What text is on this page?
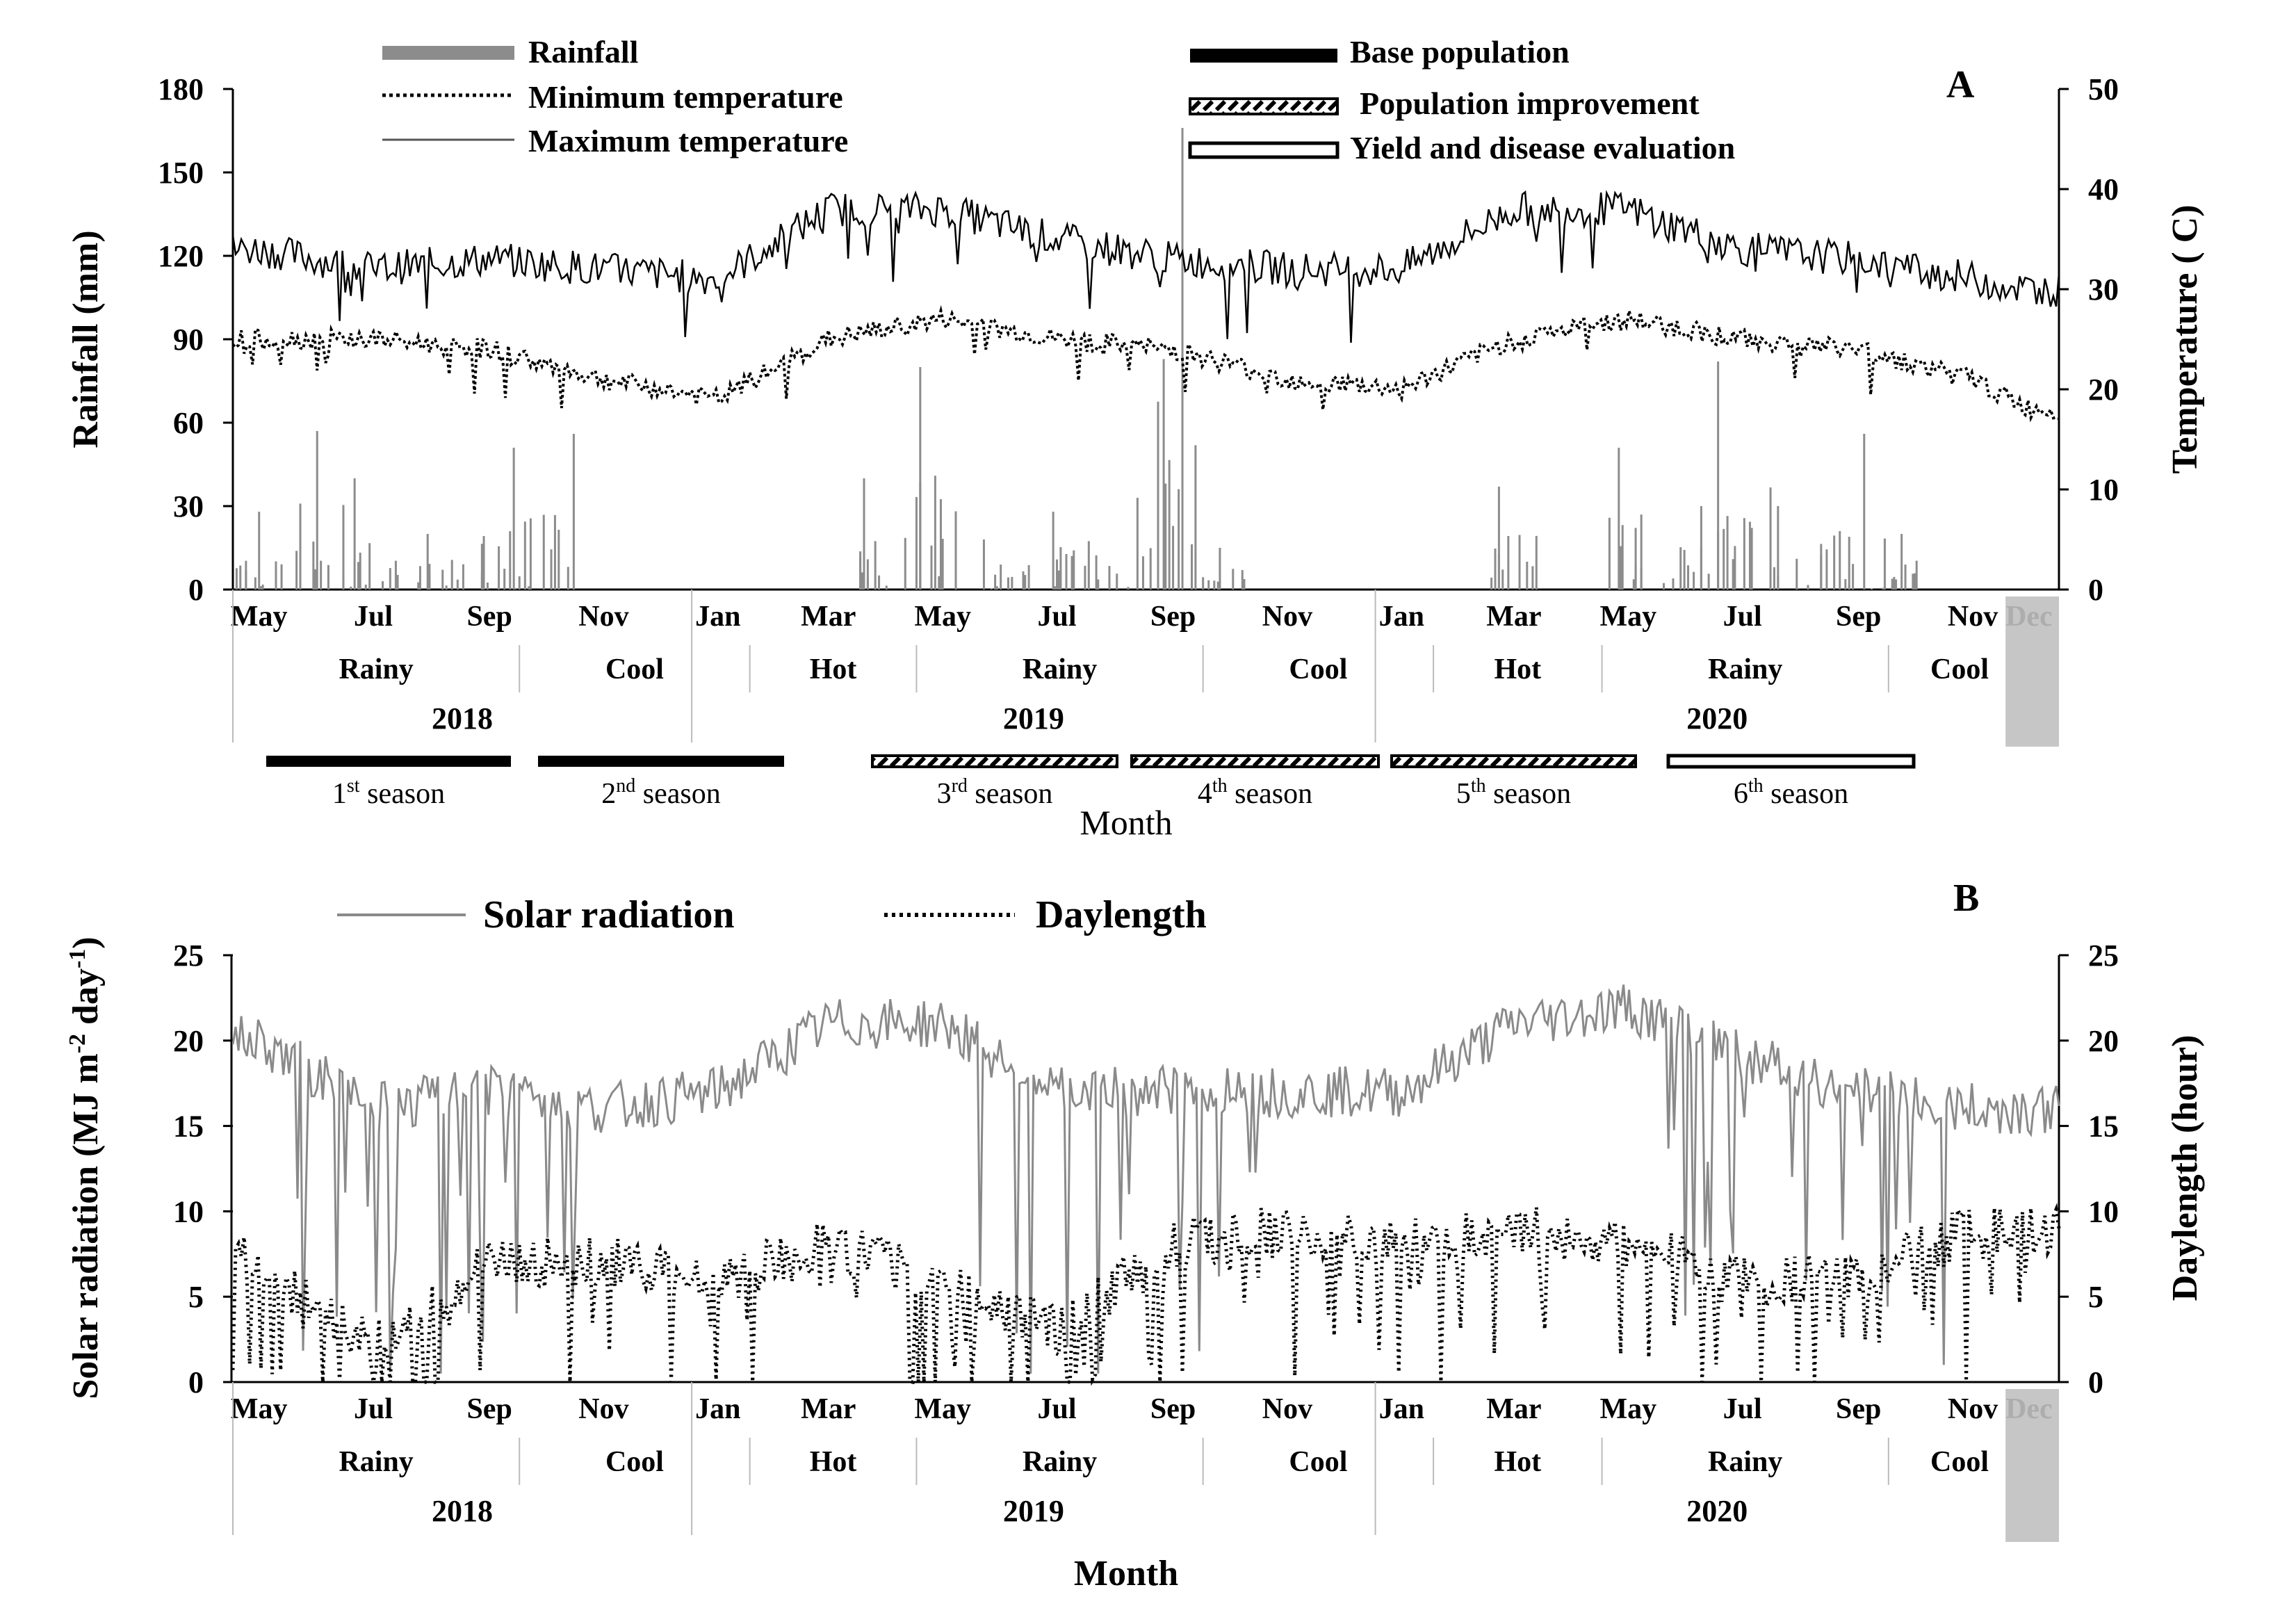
A
Rainfall
Minimum temperature
Maximum temperature
Base population
Population improvement
Yield and disease evaluation
0
30
60
90
120
150
180
0
10
20
30
40
50
Rainfall (mm)	Temperature ( C)
May Jul	Sep Nov Jan Mar May Jul	Sep Nov Jan Mar May Jul	Sep Nov
Rainy	Cool	Hot	Rainy	Cool	Hot	Rainy	Cool
2018	2019	2020
1st season	2nd season	3rd season	4th season	5th season	6th season
Month
B
Solar radiation	Daylength
0
5
10
15
20
25
0
5
10
15
20
25
Solar radiation (MJ $m^{-2}$ day$^{-1}$)
Daylength (hour)
May Jul	Sep Nov Jan Mar May Jul	Sep Nov Jan Mar May Jul	Sep Nov
Rainy	Cool	Hot	Rainy	Cool	Hot	Rainy	Cool
2018	2019	2020
Month
